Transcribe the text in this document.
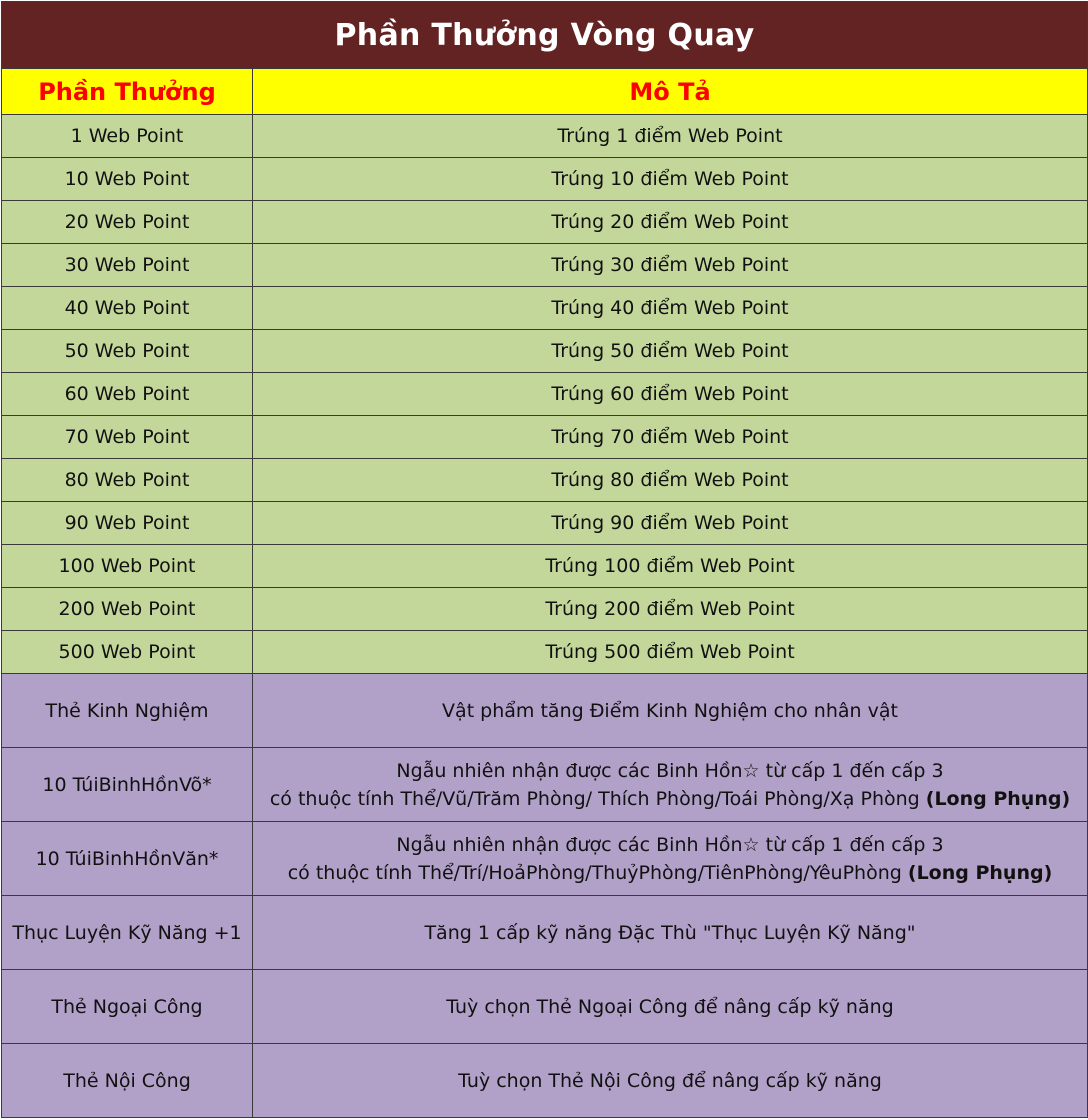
Phần Thưởng Vòng Quay	
Phần Thưởng	Mô Tả
1 Web Point	Trúng 1 điểm Web Point
10 Web Point	Trúng 10 điểm Web Point
20 Web Point	Trúng 20 điểm Web Point
30 Web Point	Trúng 30 điểm Web Point
40 Web Point	Trúng 40 điểm Web Point
50 Web Point	Trúng 50 điểm Web Point
60 Web Point	Trúng 60 điểm Web Point
70 Web Point	Trúng 70 điểm Web Point
80 Web Point	Trúng 80 điểm Web Point
90 Web Point	Trúng 90 điểm Web Point
100 Web Point	Trúng 100 điểm Web Point
200 Web Point	Trúng 200 điểm Web Point
500 Web Point	Trúng 500 điểm Web Point
Thẻ Kinh Nghiệm	Vật phẩm tăng Điểm Kinh Nghiệm cho nhân vật
10 TúiBinhHồnVõ*	Ngẫu nhiên nhận được các Binh Hồn☆ từ cấp 1 đến cấp 3
có thuộc tính Thể/Vũ/Trăm Phòng/ Thích Phòng/Toái Phòng/Xạ Phòng (Long Phụng)

10 TúiBinhHồnVăn*	Ngẫu nhiên nhận được các Binh Hồn☆ từ cấp 1 đến cấp 3
có thuộc tính Thể/Trí/HoảPhòng/ThuỷPhòng/TiênPhòng/YêuPhòng (Long Phụng)

Thục Luyện Kỹ Năng +1	Tăng 1 cấp kỹ năng Đặc Thù "Thục Luyện Kỹ Năng"
Thẻ Ngoại Công	Tuỳ chọn Thẻ Ngoại Công để nâng cấp kỹ năng
Thẻ Nội Công	Tuỳ chọn Thẻ Nội Công để nâng cấp kỹ năng
